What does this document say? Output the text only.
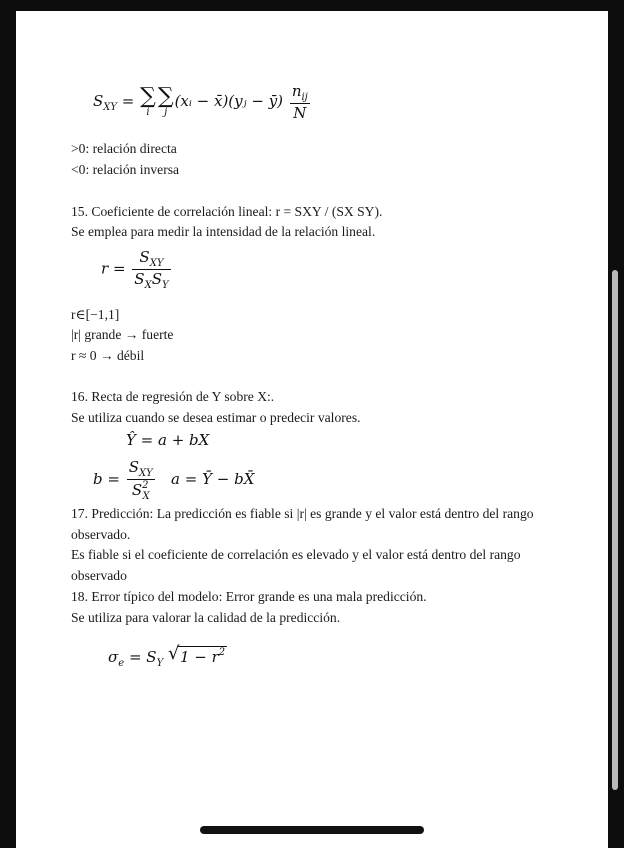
$S_{XY}$ = ∑
i
∑
j
(xᵢ − x̄)(yⱼ − ȳ) $\frac{n_{ij}}{N}$
>0: relación directa
<0: relación inversa
15. Coeficiente de correlación lineal: r = SXY / (SX SY).
Se emplea para medir la intensidad de la relación lineal.
$r = \frac{S_{XY}}{S_XS_Y}$
r∈[−1,1]
|r| grande → fuerte
r ≈ 0 → débil
16. Recta de regresión de Y sobre X:.
Se utiliza cuando se desea estimar o predecir valores.
Ŷ = a + bX
$b = \frac{S_{XY}}{S^2_X}$ a = Ȳ − bX̄
17. Predicción: La predicción es fiable si |r| es grande y el valor está dentro del rango
observado.
Es fiable si el coeficiente de correlación es elevado y el valor está dentro del rango
observado
18. Error típico del modelo: Error grande es una mala predicción.
Se utiliza para valorar la calidad de la predicción.
$\sigma_e = S_Y$ √ $1 - r^2$
